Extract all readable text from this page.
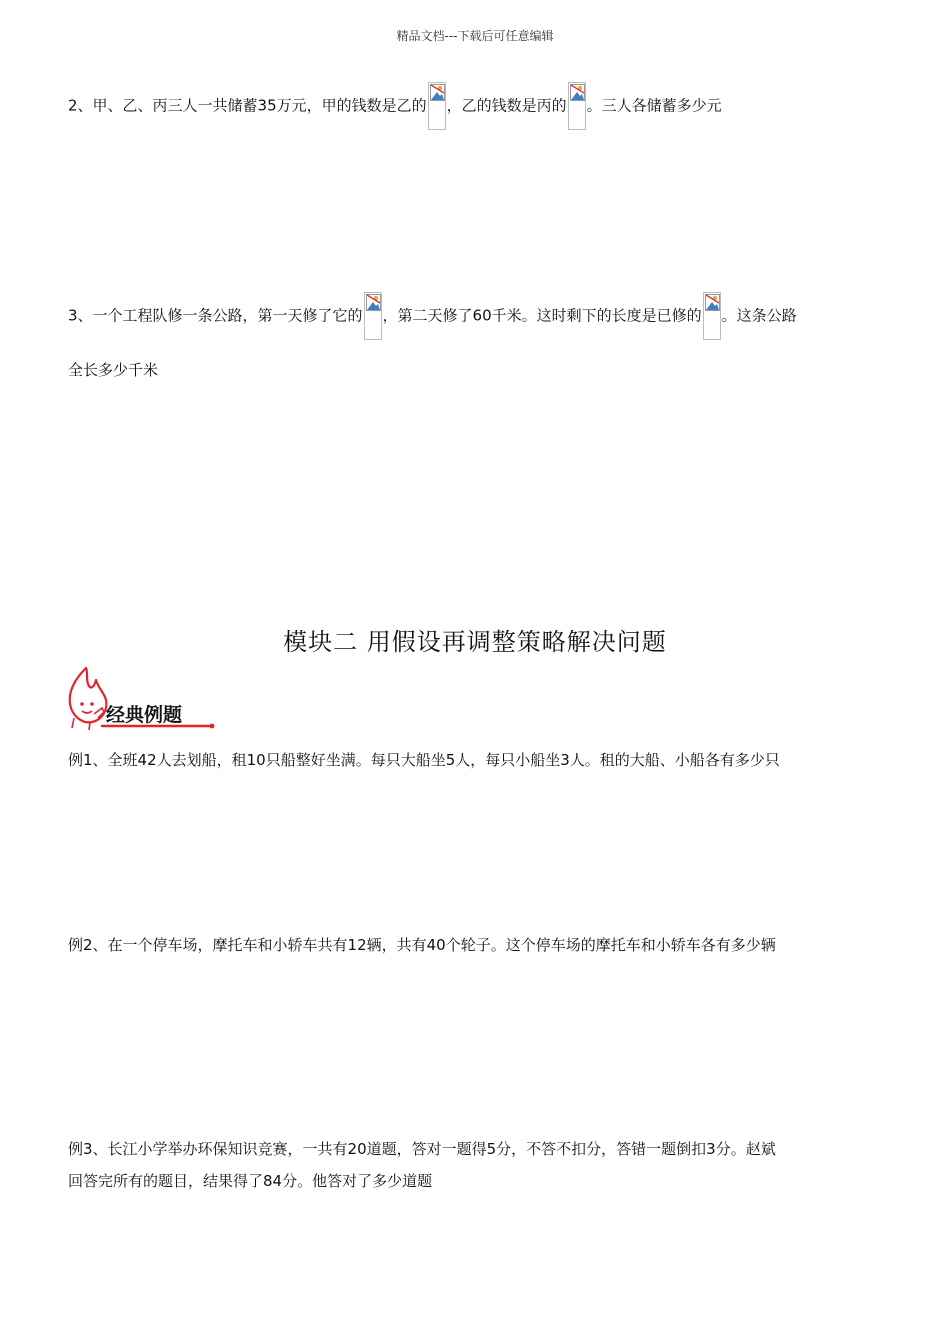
精品文档---下载后可任意编辑
2、甲、乙、丙三人一共储蓄35万元，甲的钱数是乙的 ，乙的钱数是丙的 。三人各储蓄多少元
3、一个工程队修一条公路，第一天修了它的 ，第二天修了60千米。这时剩下的长度是已修的 。这条公路
全长多少千米
模块二 用假设再调整策略解决问题
经典例题
例1、全班42人去划船，租10只船整好坐满。每只大船坐5人，每只小船坐3人。租的大船、小船各有多少只
例2、在一个停车场，摩托车和小轿车共有12辆，共有40个轮子。这个停车场的摩托车和小轿车各有多少辆
例3、长江小学举办环保知识竞赛，一共有20道题，答对一题得5分，不答不扣分，答错一题倒扣3分。赵斌
回答完所有的题目，结果得了84分。他答对了多少道题
